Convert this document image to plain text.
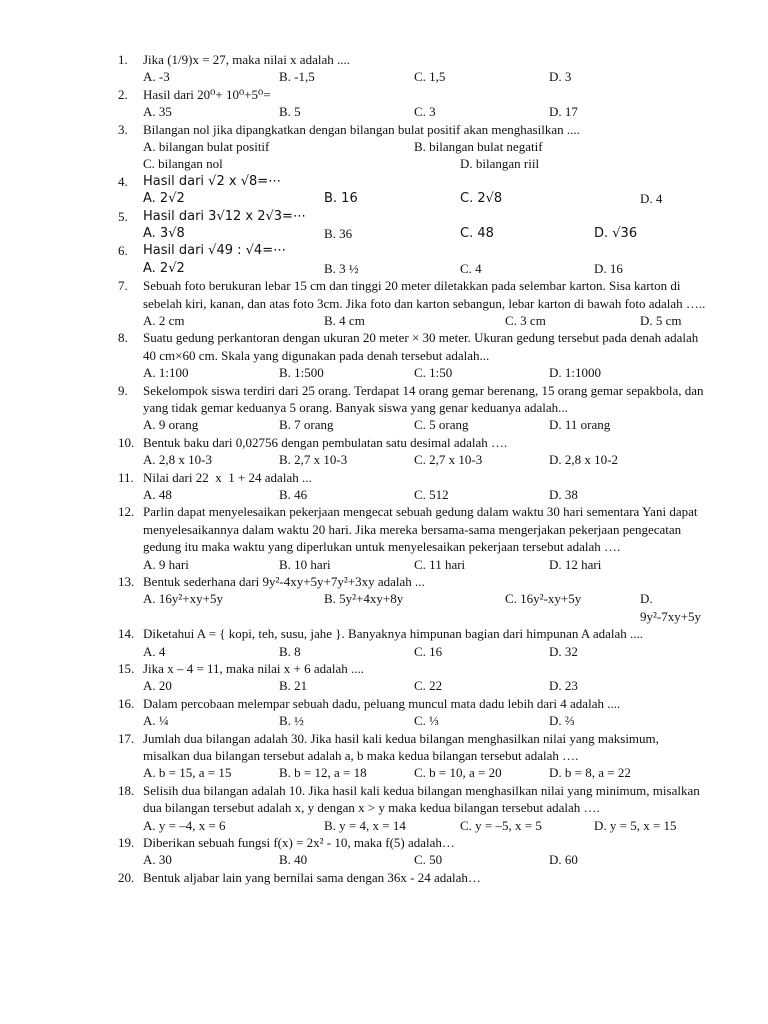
1.	Jika (1/9)x = 27, maka nilai x adalah ....
A. -3	B. -1,5	C. 1,5	D. 3
2.	Hasil dari 20⁰+ 10⁰+5⁰=
A. 35	B. 5	C. 3	D. 17
3.	Bilangan nol jika dipangkatkan dengan bilangan bulat positif akan menghasilkan ....
A. bilangan bulat positif	B. bilangan bulat negatif
C. bilangan nol	D. bilangan riil
4.	Hasil dari √2 x √8=⋯
A. 2√2	B. 16	C. 2√8	D. 4
5.	Hasil dari 3√12 x 2√3=⋯
A. 3√8	B. 36	C. 48	D. √36
6.	Hasil dari √49 : √4=⋯
A. 2√2	B. 3 ½	C. 4	D. 16
7.	Sebuah foto berukuran lebar 15 cm dan tinggi 20 meter diletakkan pada selembar karton. Sisa karton di sebelah kiri, kanan, dan atas foto 3cm. Jika foto dan karton sebangun, lebar karton di bawah foto adalah …..
A. 2 cm	B. 4 cm	C. 3 cm	D. 5 cm
8.	Suatu gedung perkantoran dengan ukuran 20 meter × 30 meter. Ukuran gedung tersebut pada denah adalah 40 cm×60 cm. Skala yang digunakan pada denah tersebut adalah...
A. 1:100	B. 1:500	C. 1:50	D. 1:1000
9.	Sekelompok siswa terdiri dari 25 orang. Terdapat 14 orang gemar berenang, 15 orang gemar sepakbola, dan yang tidak gemar keduanya 5 orang. Banyak siswa yang genar keduanya adalah...
A. 9 orang	B. 7 orang	C. 5 orang	D. 11 orang
10. Bentuk baku dari 0,02756 dengan pembulatan satu desimal adalah ….
A. 2,8 x 10-3	B. 2,7 x 10-3	C. 2,7 x 10-3	D. 2,8 x 10-2
11. Nilai dari 22  x  1 + 24 adalah ...
A. 48	B. 46	C. 512	D. 38
12. Parlin dapat menyelesaikan pekerjaan mengecat sebuah gedung dalam waktu 30 hari sementara Yani dapat menyelesaikannya dalam waktu 20 hari. Jika mereka bersama-sama mengerjakan pekerjaan pengecatan gedung itu maka waktu yang diperlukan untuk menyelesaikan pekerjaan tersebut adalah ….
A. 9 hari	B. 10 hari	C. 11 hari	D. 12 hari
13. Bentuk sederhana dari 9y²-4xy+5y+7y²+3xy adalah ...
A. 16y²+xy+5y	B. 5y²+4xy+8y	C. 16y²-xy+5y	D. 9y²-7xy+5y
14. Diketahui A = { kopi, teh, susu, jahe }. Banyaknya himpunan bagian dari himpunan A adalah ....
A. 4	B. 8	C. 16	D. 32
15. Jika x – 4 = 11, maka nilai x + 6 adalah ....
A. 20	B. 21	C. 22	D. 23
16. Dalam percobaan melempar sebuah dadu, peluang muncul mata dadu lebih dari 4 adalah ....
A. ¼	B. ½	C. ⅓	D. ⅔
17. Jumlah dua bilangan adalah 30. Jika hasil kali kedua bilangan menghasilkan nilai yang maksimum, misalkan dua bilangan tersebut adalah a, b maka kedua bilangan tersebut adalah ….
A. b = 15, a = 15	B. b = 12, a = 18	C. b = 10, a = 20	D. b = 8, a = 22
18. Selisih dua bilangan adalah 10. Jika hasil kali kedua bilangan menghasilkan nilai yang minimum, misalkan dua bilangan tersebut adalah x, y dengan x > y maka kedua bilangan tersebut adalah ….
A. y = –4, x = 6	B. y = 4, x = 14	C. y = –5, x = 5	D. y = 5, x = 15
19. Diberikan sebuah fungsi f(x) = 2x² - 10, maka f(5) adalah…
A. 30	B. 40	C. 50	D. 60
20. Bentuk aljabar lain yang bernilai sama dengan 36x - 24 adalah…
